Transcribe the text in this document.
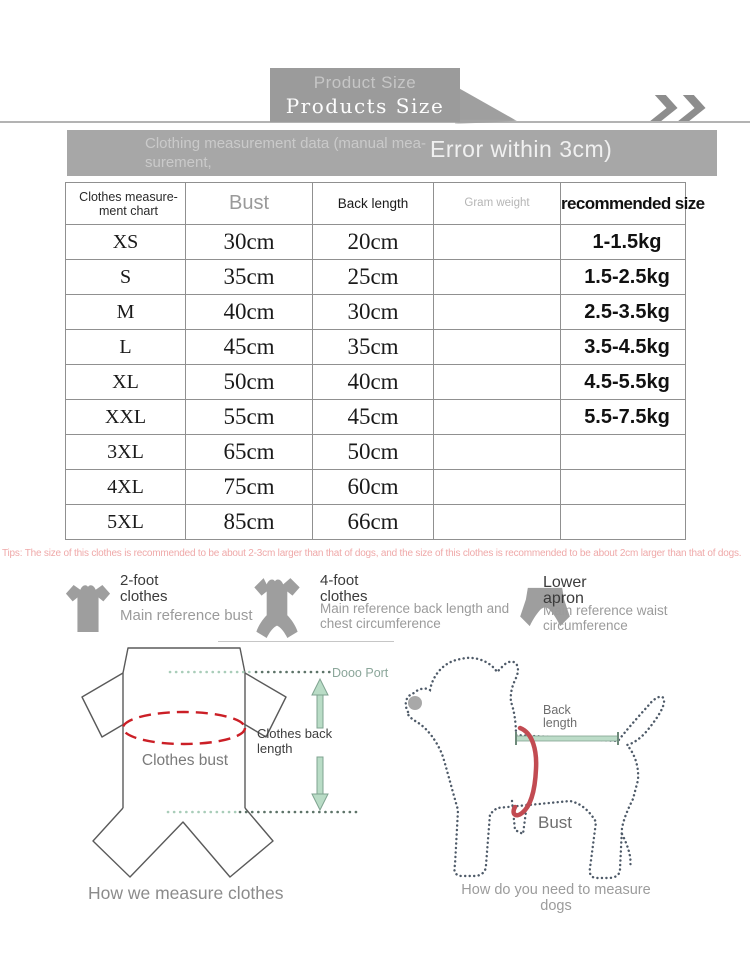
Product Size
Products Size
Clothing measurement data (manual mea-surement,
Error within 3cm)
Clothes measure-ment chart	Bust	Back length	Gram weight	recommended size
XS	30cm	20cm		1-1.5kg
S	35cm	25cm		1.5-2.5kg
M	40cm	30cm		2.5-3.5kg
L	45cm	35cm		3.5-4.5kg
XL	50cm	40cm		4.5-5.5kg
XXL	55cm	45cm		5.5-7.5kg
3XL	65cm	50cm		
4XL	75cm	60cm		
5XL	85cm	66cm		
Tips: The size of this clothes is recommended to be about 2-3cm larger than that of dogs, and the size of this clothes is recommended to be about 2cm larger than that of dogs.
2-foot clothes
Main reference bust
4-foot clothes
Main reference back length and chest circumference
Lower apron
Main reference waist circumference
Dooo Port
Clothes back length
Clothes bust
How we measure clothes
Back length
Bust
How do you need to measure dogs
